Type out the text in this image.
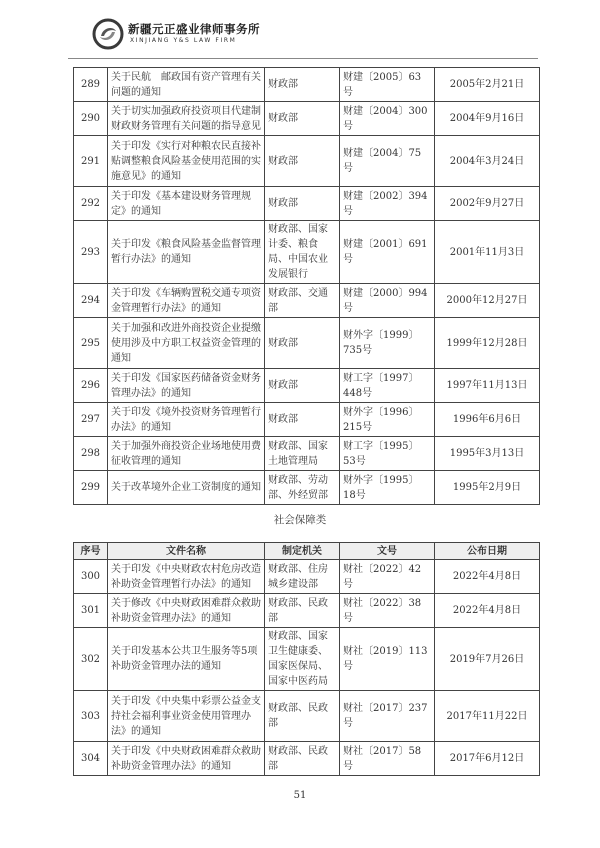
新疆元正盛业律师事务所
XINJIANG Y&S LAW FIRM
289	关于民航　邮政国有资产管理有关问题的通知	财政部	财建〔2005〕63号	2005年2月21日
290	关于切实加强政府投资项目代建制财政财务管理有关问题的指导意见	财政部	财建〔2004〕300号	2004年9月16日
291	关于印发《实行对种粮农民直接补贴调整粮食风险基金使用范围的实施意见》的通知	财政部	财建〔2004〕75号	2004年3月24日
292	关于印发《基本建设财务管理规定》的通知	财政部	财建〔2002〕394号	2002年9月27日
293	关于印发《粮食风险基金监督管理暂行办法》的通知	财政部、国家计委、粮食局、中国农业发展银行	财建〔2001〕691号	2001年11月3日
294	关于印发《车辆购置税交通专项资金管理暂行办法》的通知	财政部、交通部	财建〔2000〕994号	2000年12月27日
295	关于加强和改进外商投资企业提缴使用涉及中方职工权益资金管理的通知	财政部	财外字〔1999〕735号	1999年12月28日
296	关于印发《国家医药储备资金财务管理办法》的通知	财政部	财工字〔1997〕448号	1997年11月13日
297	关于印发《境外投资财务管理暂行办法》的通知	财政部	财外字〔1996〕215号	1996年6月6日
298	关于加强外商投资企业场地使用费征收管理的通知	财政部、国家土地管理局	财工字〔1995〕53号	1995年3月13日
299	关于改革境外企业工资制度的通知	财政部、劳动部、外经贸部	财外字〔1995〕18号	1995年2月9日
社会保障类
序号	文件名称	制定机关	文号	公布日期
300	关于印发《中央财政农村危房改造补助资金管理暂行办法》的通知	财政部、住房城乡建设部	财社〔2022〕42号	2022年4月8日
301	关于修改《中央财政困难群众救助补助资金管理办法》的通知	财政部、民政部	财社〔2022〕38号	2022年4月8日
302	关于印发基本公共卫生服务等5项补助资金管理办法的通知	财政部、国家卫生健康委、国家医保局、国家中医药局	财社〔2019〕113号	2019年7月26日
303	关于印发《中央集中彩票公益金支持社会福利事业资金使用管理办法》的通知	财政部、民政部	财社〔2017〕237号	2017年11月22日
304	关于印发《中央财政困难群众救助补助资金管理办法》的通知	财政部、民政部	财社〔2017〕58号	2017年6月12日
51
